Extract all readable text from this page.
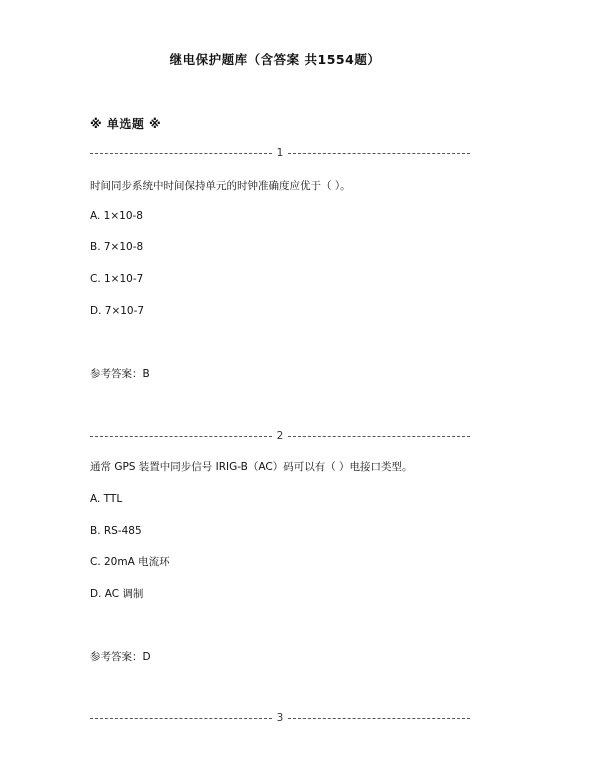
继电保护题库（含答案 共1554题）
※ 单选题 ※
1
时间同步系统中时间保持单元的时钟准确度应优于（ ）。
A. 1×10-8
B. 7×10-8
C. 1×10-7
D. 7×10-7
参考答案：B
2
通常 GPS 装置中同步信号 IRIG-B（AC）码可以有（ ）电接口类型。
A. TTL
B. RS-485
C. 20mA 电流环
D. AC 调制
参考答案：D
3
